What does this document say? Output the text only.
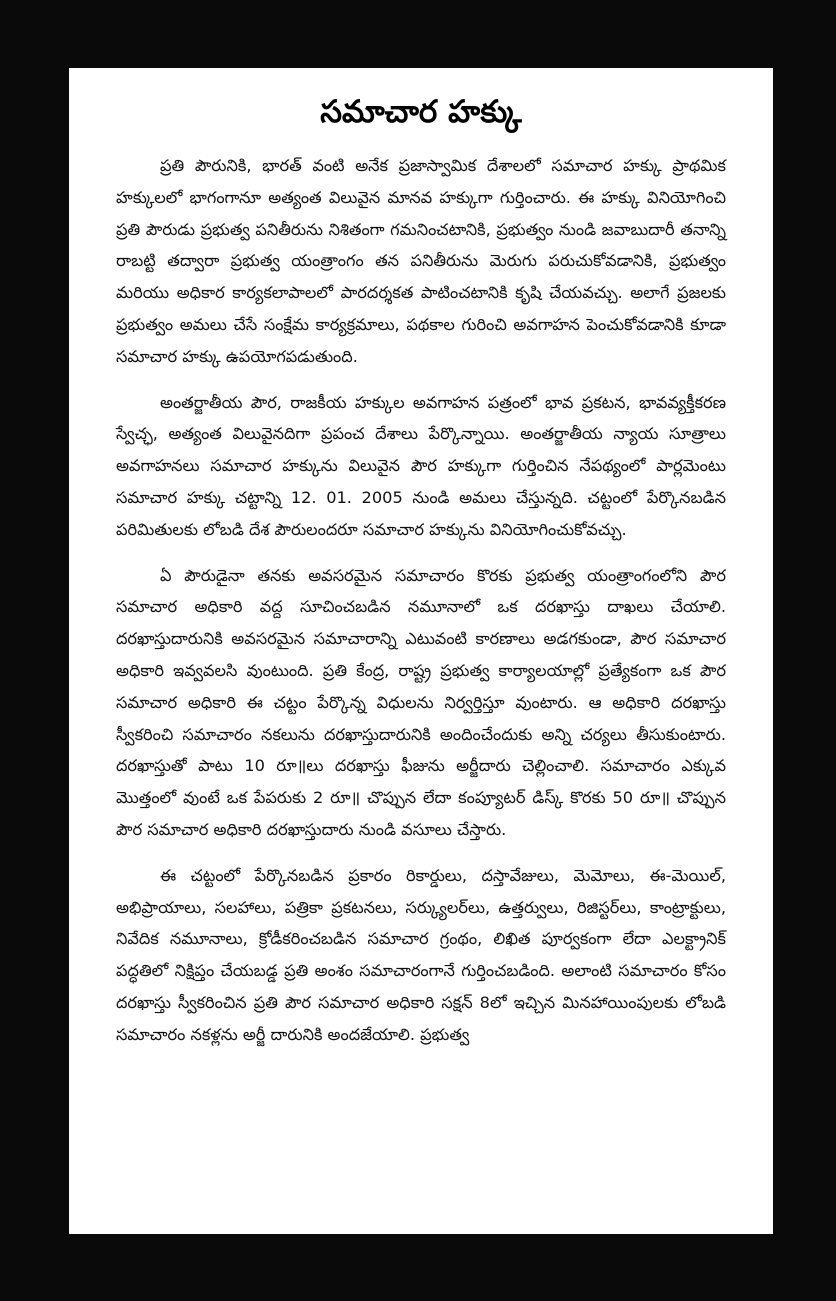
సమాచార హక్కు

ప్రతి పౌరునికి, భారత్ వంటి అనేక ప్రజాస్వామిక దేశాలలో సమాచార హక్కు ప్రాథమిక హక్కులలో భాగంగానూ అత్యంత విలువైన మానవ హక్కుగా గుర్తించారు. ఈ హక్కు వినియోగించి ప్రతి పౌరుడు ప్రభుత్వ పనితీరును నిశితంగా గమనించటానికి, ప్రభుత్వం నుండి జవాబుదారీ తనాన్ని రాబట్టి తద్వారా ప్రభుత్వ యంత్రాంగం తన పనితీరును మెరుగు పరుచుకోవడానికి, ప్రభుత్వం మరియు అధికార కార్యకలాపాలలో పారదర్శకత పాటించటానికి కృషి చేయవచ్చు. అలాగే ప్రజలకు ప్రభుత్వం అమలు చేసే సంక్షేమ కార్యక్రమాలు, పథకాల గురించి అవగాహన పెంచుకోవడానికి కూడా సమాచార హక్కు ఉపయోగపడుతుంది.

అంతర్జాతీయ పౌర, రాజకీయ హక్కుల అవగాహన పత్రంలో భావ ప్రకటన, భావవ్యక్తీకరణ స్వేచ్ఛ, అత్యంత విలువైనదిగా ప్రపంచ దేశాలు పేర్కొన్నాయి. అంతర్జాతీయ న్యాయ సూత్రాలు అవగాహనలు సమాచార హక్కును విలువైన పౌర హక్కుగా గుర్తించిన నేపథ్యంలో పార్లమెంటు సమాచార హక్కు చట్టాన్ని 12. 01. 2005 నుండి అమలు చేస్తున్నది. చట్టంలో పేర్కొనబడిన పరిమితులకు లోబడి దేశ పౌరులందరూ సమాచార హక్కును వినియోగించుకోవచ్చు.

ఏ పౌరుడైనా తనకు అవసరమైన సమాచారం కొరకు ప్రభుత్వ యంత్రాంగంలోని పౌర సమాచార అధికారి వద్ద సూచించబడిన నమూనాలో ఒక దరఖాస్తు దాఖలు చేయాలి. దరఖాస్తుదారునికి అవసరమైన సమాచారాన్ని ఎటువంటి కారణాలు అడగకుండా, పౌర సమాచార అధికారి ఇవ్వవలసి వుంటుంది. ప్రతి కేంద్ర, రాష్ట్ర ప్రభుత్వ కార్యాలయాల్లో ప్రత్యేకంగా ఒక పౌర సమాచార అధికారి ఈ చట్టం పేర్కొన్న విధులను నిర్వర్తిస్తూ వుంటారు. ఆ అధికారి దరఖాస్తు స్వీకరించి సమాచారం నకలును దరఖాస్తుదారునికి అందించేందుకు అన్ని చర్యలు తీసుకుంటారు. దరఖాస్తుతో పాటు 10 రూ॥లు దరఖాస్తు ఫీజును అర్జీదారు చెల్లించాలి. సమాచారం ఎక్కువ మొత్తంలో వుంటే ఒక పేపరుకు 2 రూ॥ చొప్పున లేదా కంప్యూటర్ డిస్క్ కొరకు 50 రూ॥ చొప్పున పౌర సమాచార అధికారి దరఖాస్తుదారు నుండి వసూలు చేస్తారు.

ఈ చట్టంలో పేర్కొనబడిన ప్రకారం రికార్డులు, దస్తావేజులు, మెమోలు, ఈ-మెయిల్, అభిప్రాయాలు, సలహాలు, పత్రికా ప్రకటనలు, సర్క్యులర్‌లు, ఉత్తర్వులు, రిజిస్టర్‌లు, కాంట్రాక్టులు, నివేదిక నమూనాలు, క్రోడీకరించబడిన సమాచార గ్రంథం, లిఖిత పూర్వకంగా లేదా ఎలక్ట్రానిక్ పద్ధతిలో నిక్షిప్తం చేయబడ్డ ప్రతి అంశం సమాచారంగానే గుర్తించబడింది. అలాంటి సమాచారం కోసం దరఖాస్తు స్వీకరించిన ప్రతి పౌర సమాచార అధికారి సక్షన్ 8లో ఇచ్చిన మినహాయింపులకు లోబడి సమాచారం నకళ్లను అర్జీ దారునికి అందజేయాలి. ప్రభుత్వ
